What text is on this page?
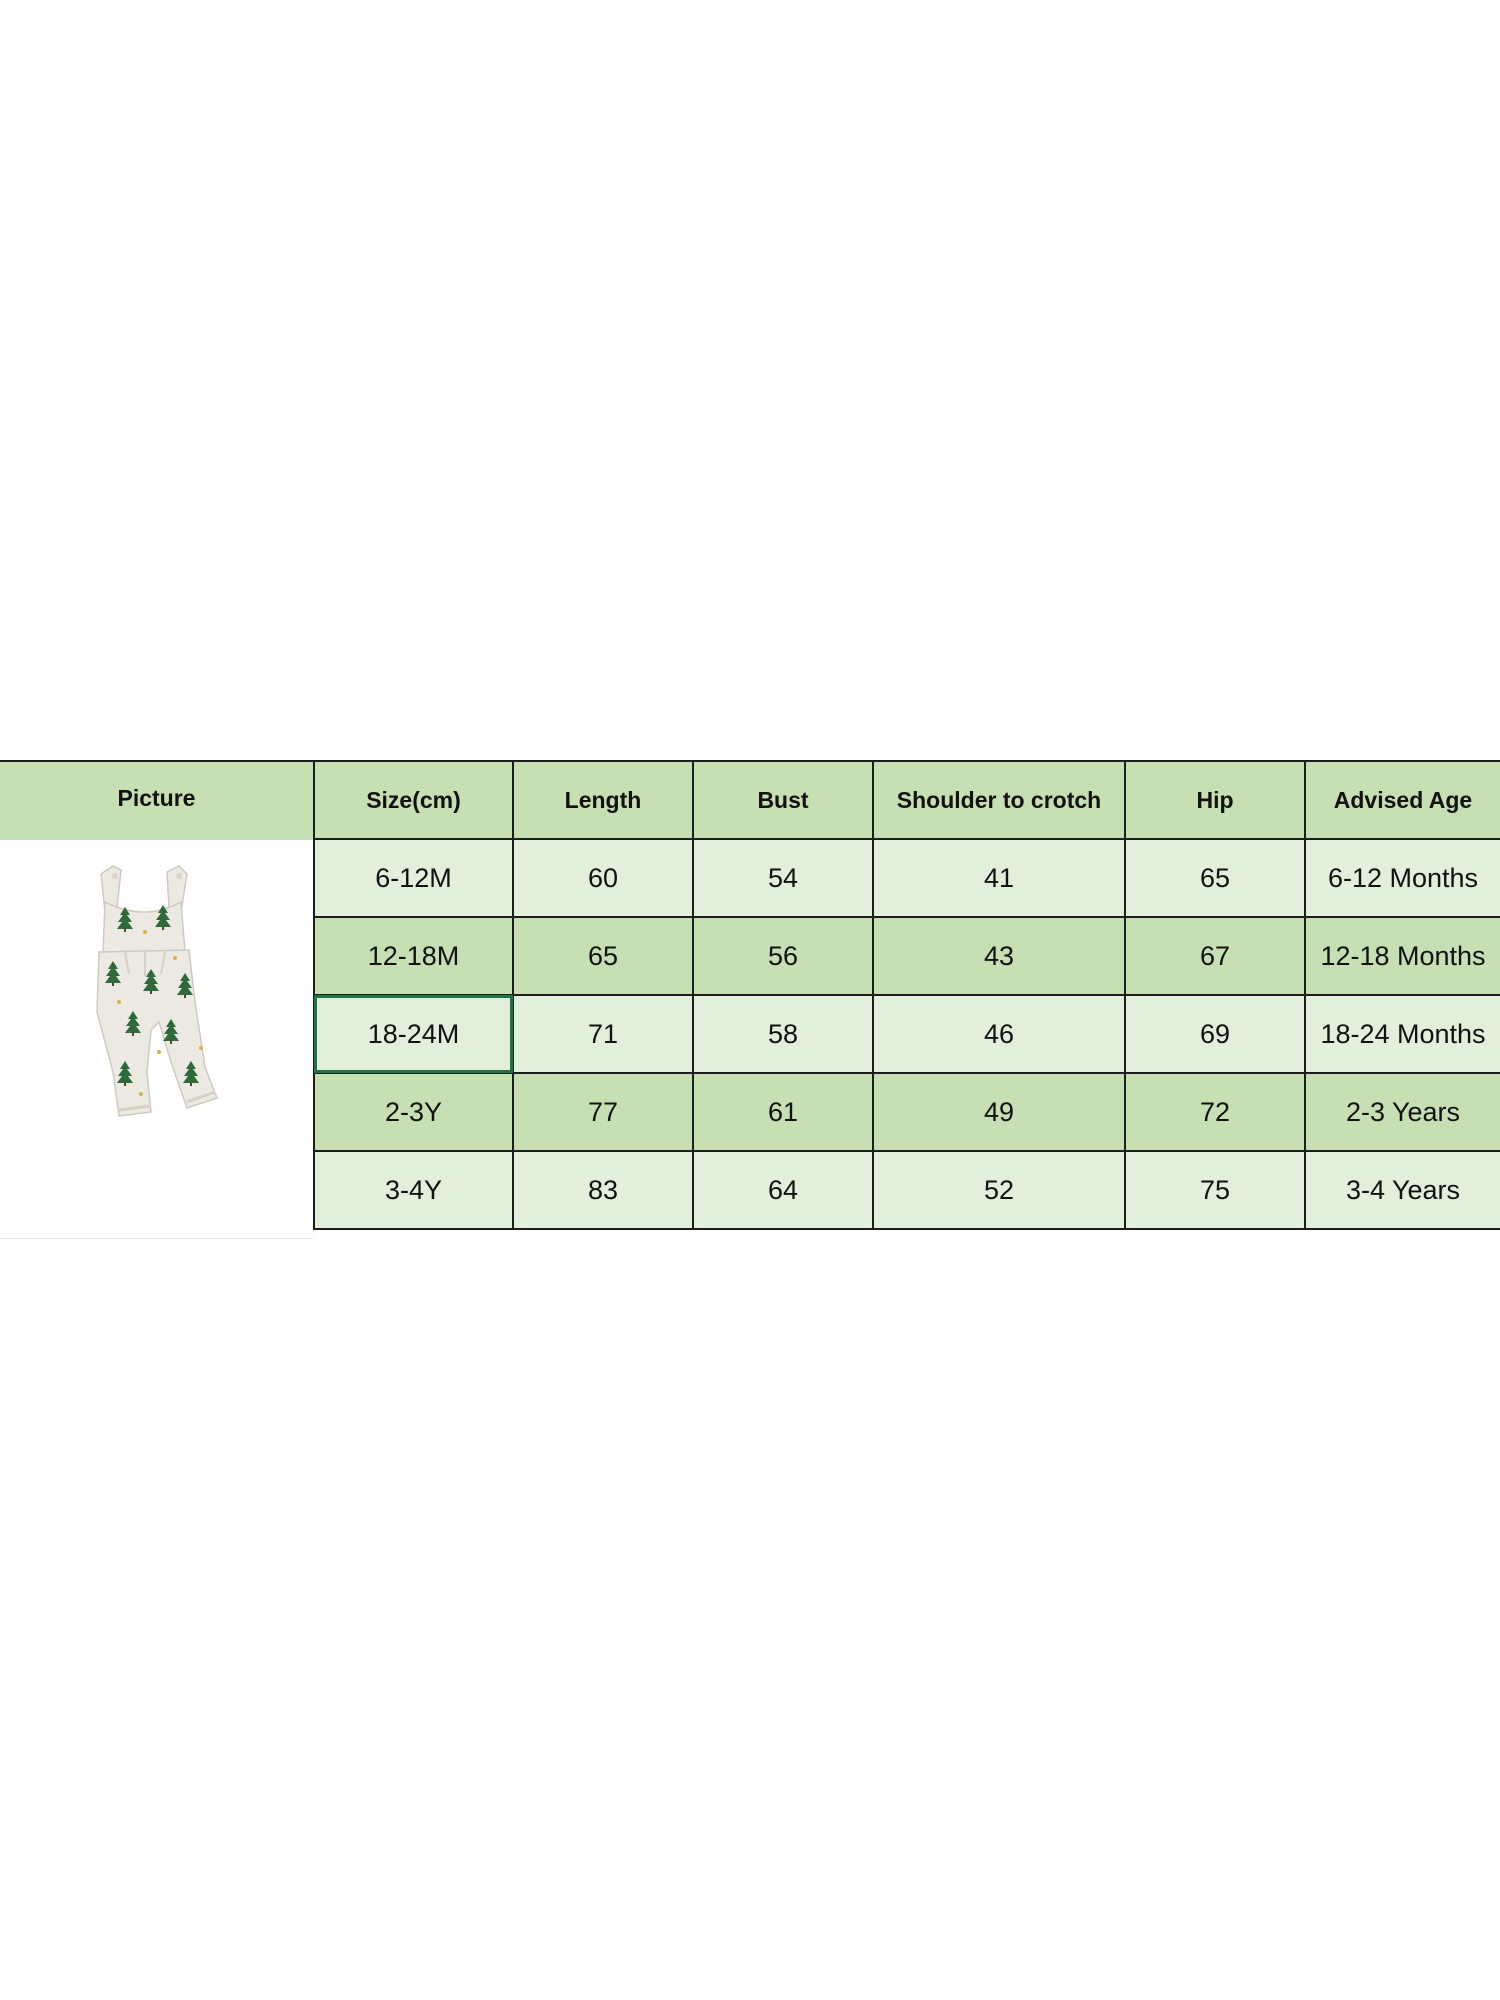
Picture	Size(cm)	Length	Bust	Shoulder to crotch	Hip	Advised Age
6-12M	60	54	41	65	6-12 Months
12-18M	65	56	43	67	12-18 Months
18-24M	71	58	46	69	18-24 Months
2-3Y	77	61	49	72	2-3 Years
3-4Y	83	64	52	75	3-4 Years
